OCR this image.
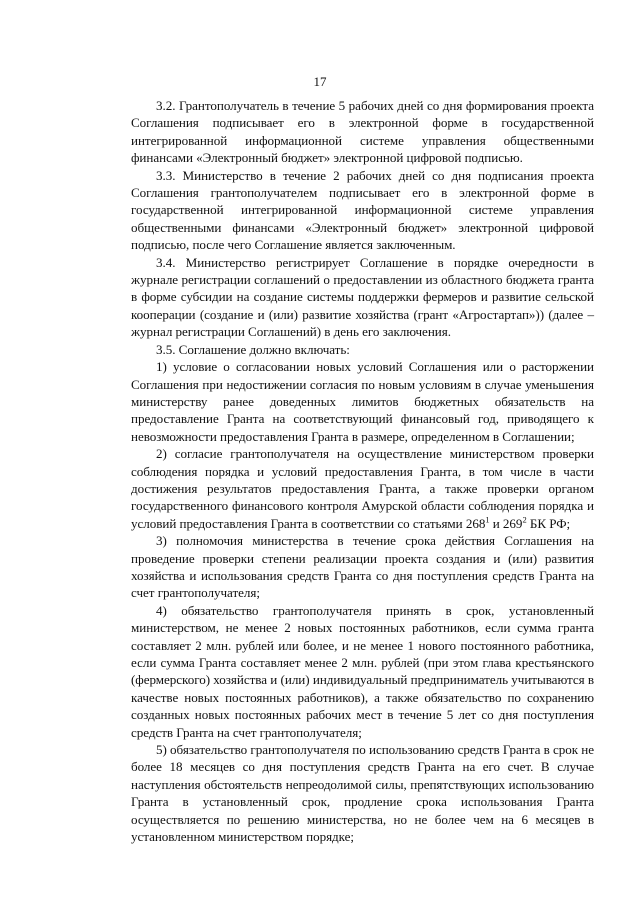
17

3.2. Грантополучатель в течение 5 рабочих дней со дня формирования проекта Соглашения подписывает его в электронной форме в государственной интегрированной информационной системе управления общественными финансами «Электронный бюджет» электронной цифровой подписью.

3.3. Министерство в течение 2 рабочих дней со дня подписания проекта Соглашения грантополучателем подписывает его в электронной форме в государственной интегрированной информационной системе управления общественными финансами «Электронный бюджет» электронной цифровой подписью, после чего Соглашение является заключенным.

3.4. Министерство регистрирует Соглашение в порядке очередности в журнале регистрации соглашений о предоставлении из областного бюджета гранта в форме субсидии на создание системы поддержки фермеров и развитие сельской кооперации (создание и (или) развитие хозяйства (грант «Агростартап»)) (далее – журнал регистрации Соглашений) в день его заключения.

3.5. Соглашение должно включать:

1) условие о согласовании новых условий Соглашения или о расторжении Соглашения при недостижении согласия по новым условиям в случае уменьшения министерству ранее доведенных лимитов бюджетных обязательств на предоставление Гранта на соответствующий финансовый год, приводящего к невозможности предоставления Гранта в размере, определенном в Соглашении;

2) согласие грантополучателя на осуществление министерством проверки соблюдения порядка и условий предоставления Гранта, в том числе в части достижения результатов предоставления Гранта, а также проверки органом государственного финансового контроля Амурской области соблюдения порядка и условий предоставления Гранта в соответствии со статьями $268^1$ и $269^2$ БК РФ;

3) полномочия министерства в течение срока действия Соглашения на проведение проверки степени реализации проекта создания и (или) развития хозяйства и использования средств Гранта со дня поступления средств Гранта на счет грантополучателя;

4) обязательство грантополучателя принять в срок, установленный министерством, не менее 2 новых постоянных работников, если сумма гранта составляет 2 млн. рублей или более, и не менее 1 нового постоянного работника, если сумма Гранта составляет менее 2 млн. рублей (при этом глава крестьянского (фермерского) хозяйства и (или) индивидуальный предприниматель учитываются в качестве новых постоянных работников), а также обязательство по сохранению созданных новых постоянных рабочих мест в течение 5 лет со дня поступления средств Гранта на счет грантополучателя;

5) обязательство грантополучателя по использованию средств Гранта в срок не более 18 месяцев со дня поступления средств Гранта на его счет. В случае наступления обстоятельств непреодолимой силы, препятствующих использованию Гранта в установленный срок, продление срока использования Гранта осуществляется по решению министерства, но не более чем на 6 месяцев в установленном министерством порядке;
